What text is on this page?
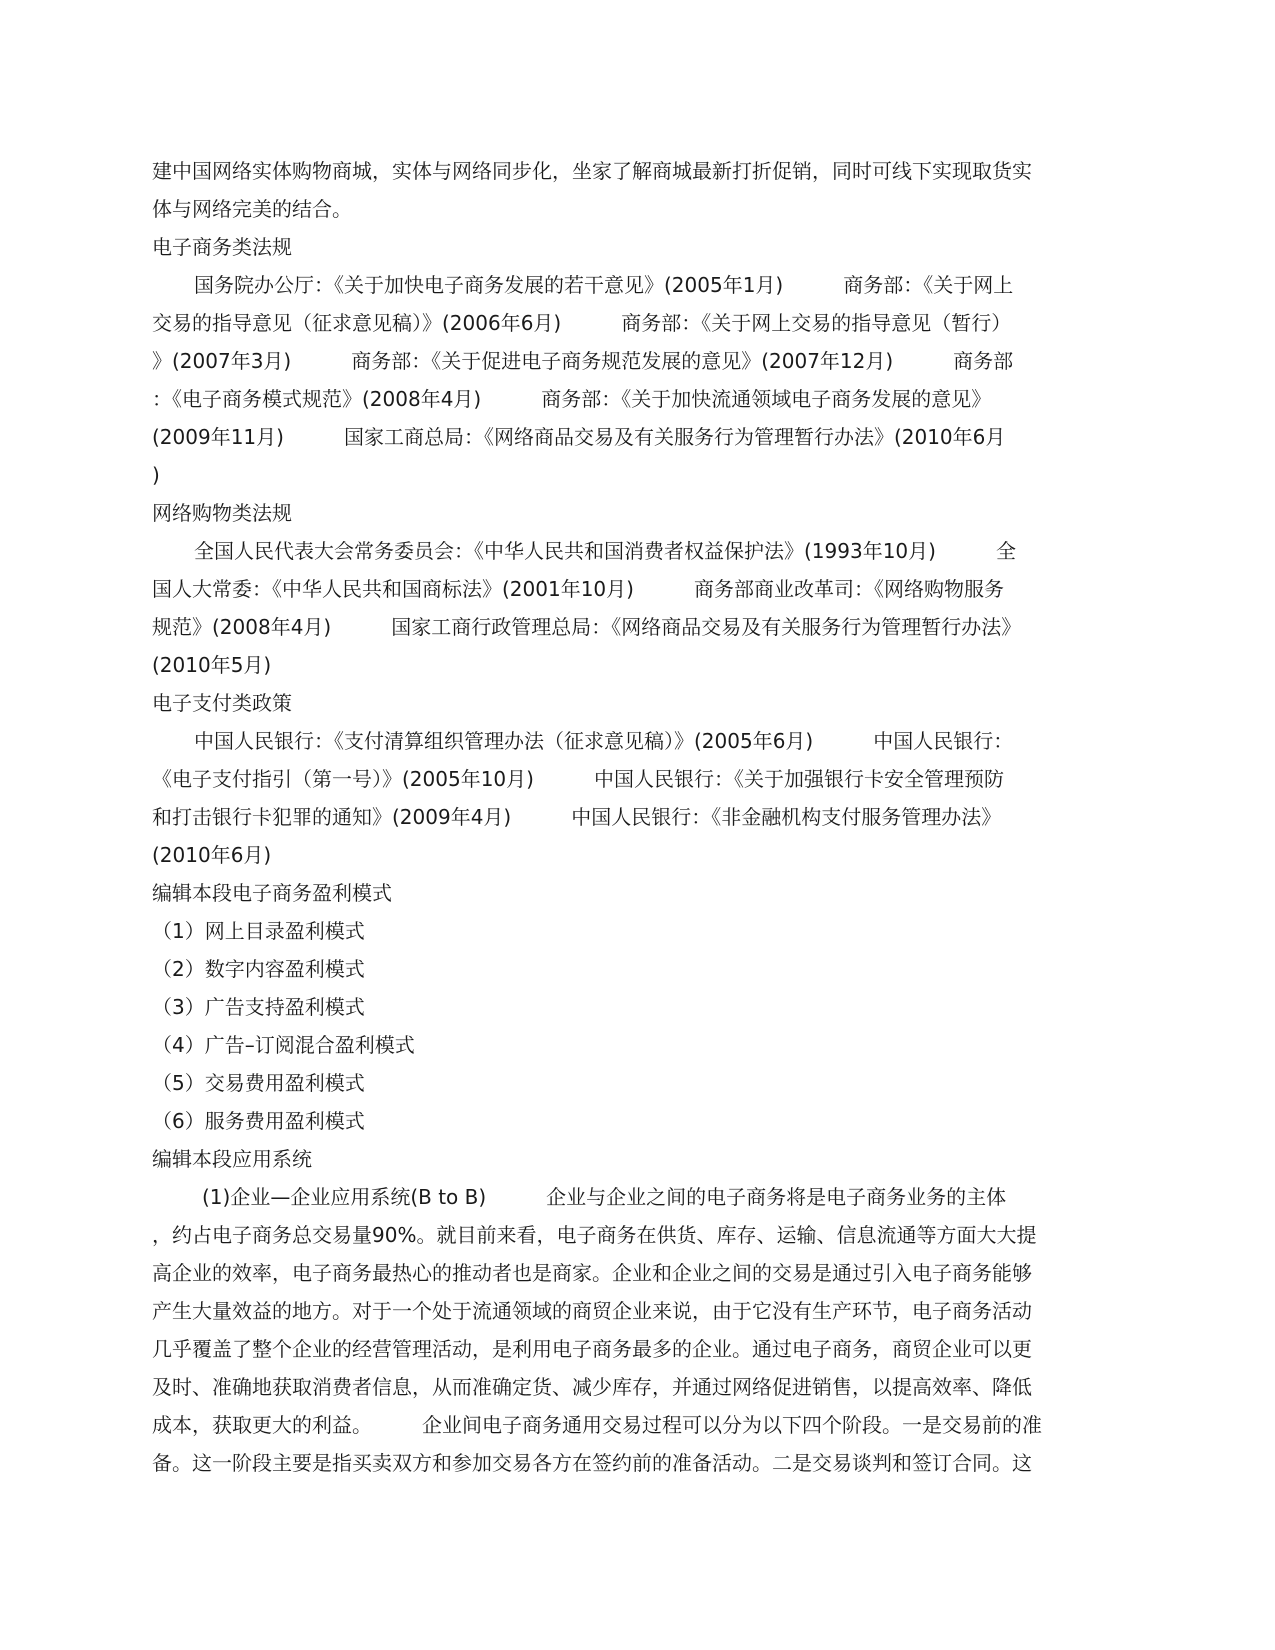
建中国网络实体购物商城，实体与网络同步化，坐家了解商城最新打折促销，同时可线下实现取货实
体与网络完美的结合。
电子商务类法规
国务院办公厅：《关于加快电子商务发展的若干意见》(2005年1月)　　　商务部：《关于网上
交易的指导意见（征求意见稿）》(2006年6月)　　　商务部：《关于网上交易的指导意见（暂行）
》(2007年3月)　　　商务部：《关于促进电子商务规范发展的意见》(2007年12月)　　　商务部
：《电子商务模式规范》(2008年4月)　　　商务部：《关于加快流通领域电子商务发展的意见》
(2009年11月)　　　国家工商总局：《网络商品交易及有关服务行为管理暂行办法》(2010年6月
)
网络购物类法规
全国人民代表大会常务委员会：《中华人民共和国消费者权益保护法》(1993年10月)　　　全
国人大常委：《中华人民共和国商标法》(2001年10月)　　　商务部商业改革司：《网络购物服务
规范》(2008年4月)　　　国家工商行政管理总局：《网络商品交易及有关服务行为管理暂行办法》
(2010年5月)
电子支付类政策
中国人民银行：《支付清算组织管理办法（征求意见稿）》(2005年6月)　　　中国人民银行：
《电子支付指引（第一号）》(2005年10月)　　　中国人民银行：《关于加强银行卡安全管理预防
和打击银行卡犯罪的通知》(2009年4月)　　　中国人民银行：《非金融机构支付服务管理办法》
(2010年6月)
编辑本段电子商务盈利模式
（1）网上目录盈利模式
（2）数字内容盈利模式
（3）广告支持盈利模式
（4）广告–订阅混合盈利模式
（5）交易费用盈利模式
（6）服务费用盈利模式
编辑本段应用系统
(1)企业—企业应用系统(B to B)　　　企业与企业之间的电子商务将是电子商务业务的主体
，约占电子商务总交易量90%。就目前来看，电子商务在供货、库存、运输、信息流通等方面大大提
高企业的效率，电子商务最热心的推动者也是商家。企业和企业之间的交易是通过引入电子商务能够
产生大量效益的地方。对于一个处于流通领域的商贸企业来说，由于它没有生产环节，电子商务活动
几乎覆盖了整个企业的经营管理活动，是利用电子商务最多的企业。通过电子商务，商贸企业可以更
及时、准确地获取消费者信息，从而准确定货、减少库存，并通过网络促进销售，以提高效率、降低
成本，获取更大的利益。　　　企业间电子商务通用交易过程可以分为以下四个阶段。一是交易前的准
备。这一阶段主要是指买卖双方和参加交易各方在签约前的准备活动。二是交易谈判和签订合同。这
